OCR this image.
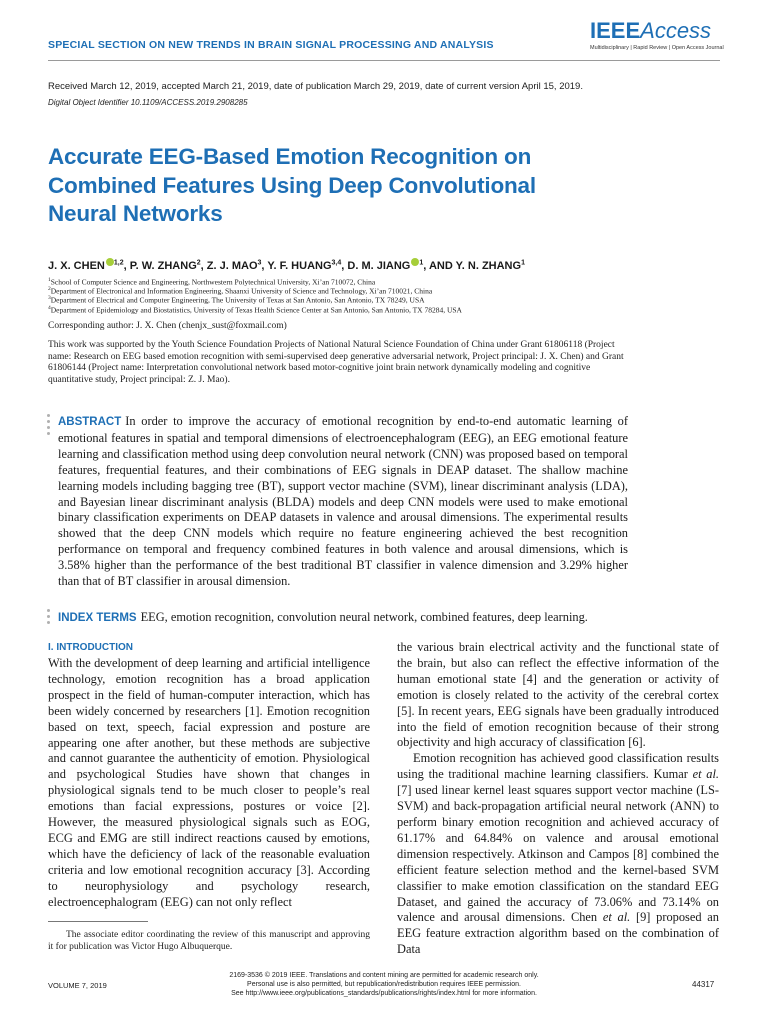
SPECIAL SECTION ON NEW TRENDS IN BRAIN SIGNAL PROCESSING AND ANALYSIS
IEEEAccess
Multidisciplinary | Rapid Review | Open Access Journal
Received March 12, 2019, accepted March 21, 2019, date of publication March 29, 2019, date of current version April 15, 2019.
Digital Object Identifier 10.1109/ACCESS.2019.2908285
Accurate EEG-Based Emotion Recognition on Combined Features Using Deep Convolutional Neural Networks
J. X. CHEN $^{1,2}$, P. W. ZHANG$^2$, Z. J. MAO$^3$, Y. F. HUANG$^{3,4}$, D. M. JIANG $^1$, AND Y. N. ZHANG$^1$
$^1$School of Computer Science and Engineering, Northwestern Polytechnical University, Xi’an 710072, China
$^2$Department of Electronical and Information Engineering, Shaanxi University of Science and Technology, Xi’an 710021, China
$^3$Department of Electrical and Computer Engineering, The University of Texas at San Antonio, San Antonio, TX 78249, USA
$^4$Department of Epidemiology and Biostatistics, University of Texas Health Science Center at San Antonio, San Antonio, TX 78284, USA
Corresponding author: J. X. Chen (chenjx_sust@foxmail.com)
This work was supported by the Youth Science Foundation Projects of National Natural Science Foundation of China under Grant 61806118 (Project name: Research on EEG based emotion recognition with semi-supervised deep generative adversarial network, Project principal: J. X. Chen) and Grant 61806144 (Project name: Interpretation convolutional network based motor-cognitive joint brain network dynamically modeling and cognitive quantitative study, Project principal: Z. J. Mao).
ABSTRACT In order to improve the accuracy of emotional recognition by end-to-end automatic learning of emotional features in spatial and temporal dimensions of electroencephalogram (EEG), an EEG emotional feature learning and classification method using deep convolution neural network (CNN) was proposed based on temporal features, frequential features, and their combinations of EEG signals in DEAP dataset. The shallow machine learning models including bagging tree (BT), support vector machine (SVM), linear discriminant analysis (LDA), and Bayesian linear discriminant analysis (BLDA) models and deep CNN models were used to make emotional binary classification experiments on DEAP datasets in valence and arousal dimensions. The experimental results showed that the deep CNN models which require no feature engineering achieved the best recognition performance on temporal and frequency combined features in both valence and arousal dimensions, which is 3.58% higher than the performance of the best traditional BT classifier in valence dimension and 3.29% higher than that of BT classifier in arousal dimension.
INDEX TERMS EEG, emotion recognition, convolution neural network, combined features, deep learning.
I. INTRODUCTION
With the development of deep learning and artificial intelligence technology, emotion recognition has a broad application prospect in the field of human-computer interaction, which has been widely concerned by researchers [1]. Emotion recognition based on text, speech, facial expression and posture are appearing one after another, but these methods are subjective and cannot guarantee the authenticity of emotion. Physiological and psychological Studies have shown that changes in physiological signals tend to be much closer to people’s real emotions than facial expressions, postures or voice [2]. However, the measured physiological signals such as EOG, ECG and EMG are still indirect reactions caused by emotions, which have the deficiency of lack of the reasonable evaluation criteria and low emotional recognition accuracy [3]. According to neurophysiology and psychology research, electroencephalogram (EEG) can not only reflect
the various brain electrical activity and the functional state of the brain, but also can reflect the effective information of the human emotional state [4] and the generation or activity of emotion is closely related to the activity of the cerebral cortex [5]. In recent years, EEG signals have been gradually introduced into the field of emotion recognition because of their strong objectivity and high accuracy of classification [6].
Emotion recognition has achieved good classification results using the traditional machine learning classifiers. Kumar et al. [7] used linear kernel least squares support vector machine (LS-SVM) and back-propagation artificial neural network (ANN) to perform binary emotion recognition and achieved accuracy of 61.17% and 64.84% on valence and arousal emotional dimension respectively. Atkinson and Campos [8] combined the efficient feature selection method and the kernel-based SVM classifier to make emotion classification on the standard EEG Dataset, and gained the accuracy of 73.06% and 73.14% on valence and arousal dimensions. Chen et al. [9] proposed an EEG feature extraction algorithm based on the combination of Data
The associate editor coordinating the review of this manuscript and approving it for publication was Victor Hugo Albuquerque.
VOLUME 7, 2019
2169-3536 © 2019 IEEE. Translations and content mining are permitted for academic research only.
Personal use is also permitted, but republication/redistribution requires IEEE permission.
See http://www.ieee.org/publications_standards/publications/rights/index.html for more information.
44317
